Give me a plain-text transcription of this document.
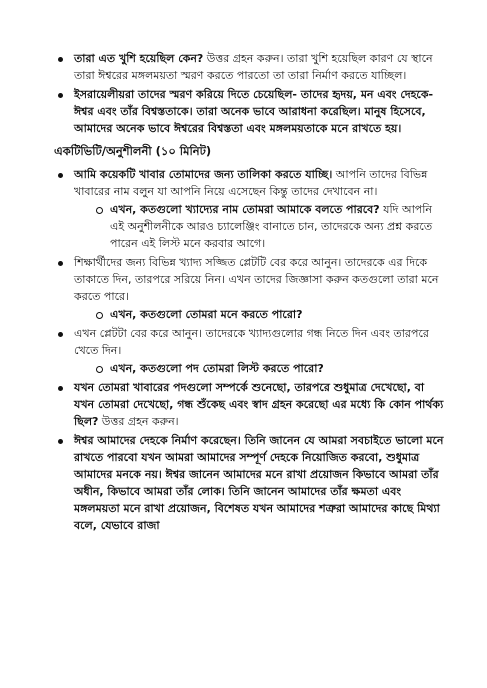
তারা এত খুশি হয়েছিল কেন? উত্তর গ্রহন করুন। তারা খুশি হয়েছিল কারণ যে স্থানে তারা ঈশ্বরের মঙ্গলময়তা স্মরণ করতে পারতো তা তারা নির্মাণ করতে যাচ্ছিল।
ইসরায়েলীয়রা তাদের স্মরণ করিয়ে দিতে চেয়েছিল- তাদের হৃদয়, মন এবং দেহকে- ঈশ্বর এবং তাঁর বিশ্বস্ততাকে। তারা অনেক ভাবে আরাধনা করেছিল। মানুষ হিসেবে, আমাদের অনেক ভাবে ঈশ্বরের বিশ্বস্ততা এবং মঙ্গলময়তাকে মনে রাখতে হয়।
একটিভিটি/অনুশীলনী (১০ মিনিট)
আমি কয়েকটি খাবার তোমাদের জন্য তালিকা করতে যাচ্ছি। আপনি তাদের বিভিন্ন খাবারের নাম বলুন যা আপনি নিয়ে এসেছেন কিন্তু তাদের দেখাবেন না।
এখন, কতগুলো খ্যাদ্যের নাম তোমরা আমাকে বলতে পারবে? যদি আপনি এই অনুশীলনীকে আরও চ্যালেঞ্জিং বানাতে চান, তাদেরকে অন্য প্রশ্ন করতে পারেন এই লিস্ট মনে করবার আগে।
শিক্ষার্থীদের জন্য বিভিন্ন খ্যাদ্য সজ্জিত প্লেটটি বের করে আনুন। তাদেরকে এর দিকে তাকাতে দিন, তারপরে সরিয়ে নিন। এখন তাদের জিজ্ঞাসা করুন কতগুলো তারা মনে করতে পারে।
এখন, কতগুলো তোমরা মনে করতে পারো?
এখন প্লেটটা বের করে আনুন। তাদেরকে খ্যাদ্যগুলোর গন্ধ নিতে দিন এবং তারপরে খেতে দিন।
এখন, কতগুলো পদ তোমরা লিস্ট করতে পারো?
যখন তোমরা খাবারের পদগুলো সম্পর্কে শুনেছো, তারপরে শুধুমাত্র দেখেছো, বা যখন তোমরা দেখেছো, গন্ধ শুঁকেছ এবং স্বাদ গ্রহন করেছো এর মধ্যে কি কোন পার্থক্য ছিল? উত্তর গ্রহন করুন।
ঈশ্বর আমাদের দেহকে নির্মাণ করেছেন। তিনি জানেন যে আমরা সবচাইতে ভালো মনে রাখতে পারবো যখন আমরা আমাদের সম্পূর্ণ দেহকে নিয়োজিত করবো, শুধুমাত্র আমাদের মনকে নয়। ঈশ্বর জানেন আমাদের মনে রাখা প্রয়োজন কিভাবে আমরা তাঁর অধীন, কিভাবে আমরা তাঁর লোক। তিনি জানেন আমাদের তাঁর ক্ষমতা এবং মঙ্গলময়তা মনে রাখা প্রয়োজন, বিশেষত যখন আমাদের শত্রুরা আমাদের কাছে মিথ্যা বলে, যেভাবে রাজা
